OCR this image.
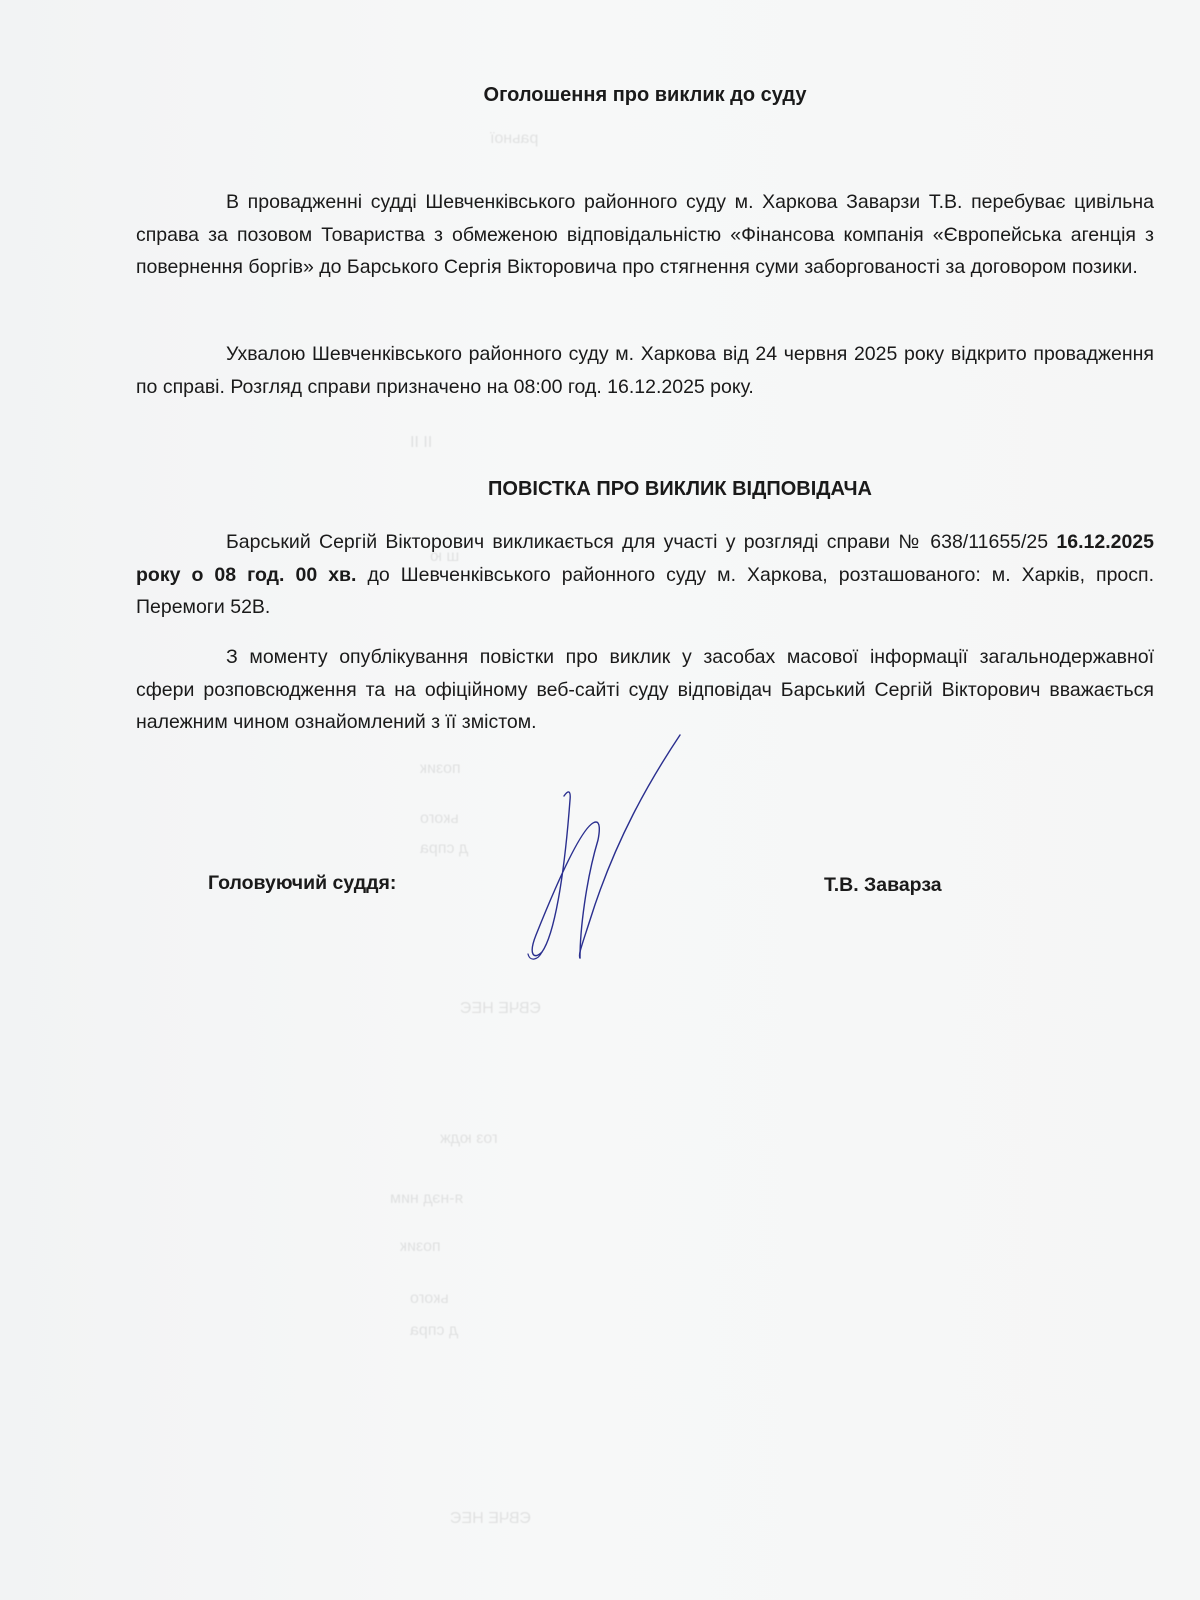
раьної
ІІ ІІ
ш ю
позик
ького
д спра
ЄВЧЕ НЕЄ
гоз юдж
я-нэд ним
позик
ького
д спра
ЄВЧЕ НЕЄ

Оголошення про виклик до суду

В провадженні судді Шевченківського районного суду м. Харкова Заварзи Т.В. перебуває цивільна справа за позовом Товариства з обмеженою відповідальністю «Фінансова компанія «Європейська агенція з повернення боргів» до Барського Сергія Вікторовича про стягнення суми заборгованості за договором позики.

Ухвалою Шевченківського районного суду м. Харкова від 24 червня 2025 року відкрито провадження по справі. Розгляд справи призначено на 08:00 год. 16.12.2025 року.

ПОВІСТКА ПРО ВИКЛИК ВІДПОВІДАЧА

Барський Сергій Вікторович викликається для участі у розгляді справи № 638/11655/25 16.12.2025 року о 08 год. 00 хв. до Шевченківського районного суду м. Харкова, розташованого: м. Харків, просп. Перемоги 52В.

З моменту опублікування повістки про виклик у засобах масової інформації загальнодержавної сфери розповсюдження та на офіційному веб-сайті суду відповідач Барський Сергій Вікторович вважається належним чином ознайомлений з її змістом.

Головуючий суддя:	Т.В. Заварза
